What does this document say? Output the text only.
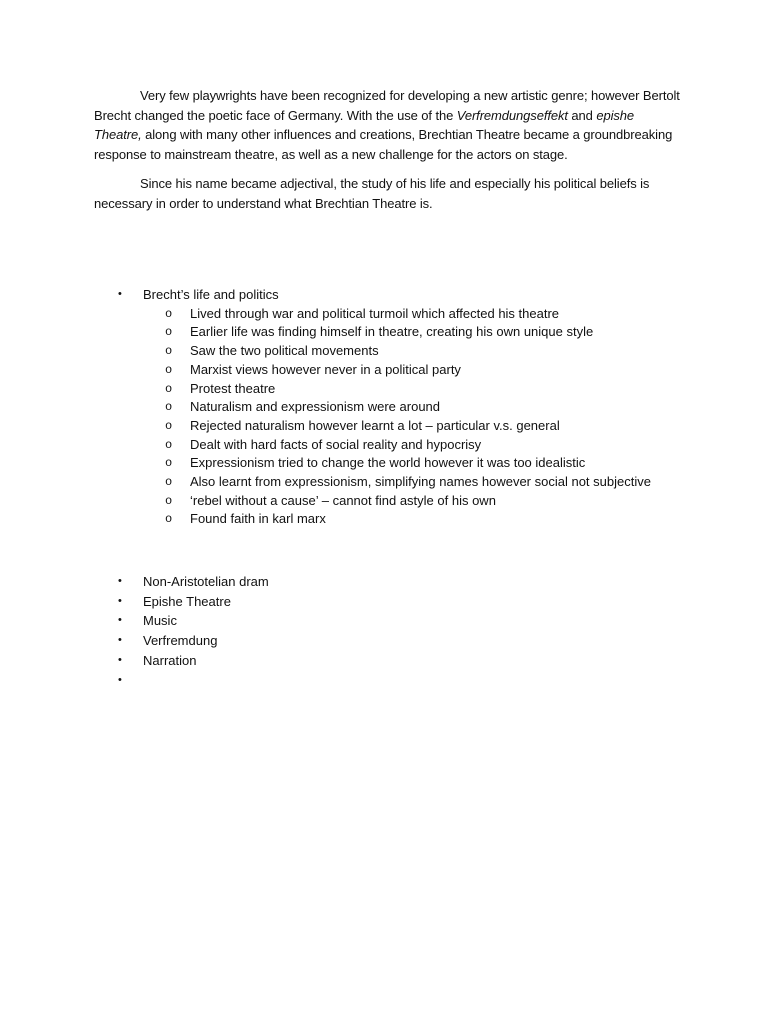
Very few playwrights have been recognized for developing a new artistic genre; however Bertolt Brecht changed the poetic face of Germany. With the use of the Verfremdungseffekt and epishe Theatre, along with many other influences and creations, Brechtian Theatre became a groundbreaking response to mainstream theatre, as well as a new challenge for the actors on stage.

Since his name became adjectival, the study of his life and especially his political beliefs is necessary in order to understand what Brechtian Theatre is.

• Brecht’s life and politics
o Lived through war and political turmoil which affected his theatre
o Earlier life was finding himself in theatre, creating his own unique style
o Saw the two political movements
o Marxist views however never in a political party
o Protest theatre
o Naturalism and expressionism were around
o Rejected naturalism however learnt a lot – particular v.s. general
o Dealt with hard facts of social reality and hypocrisy
o Expressionism tried to change the world however it was too idealistic
o Also learnt from expressionism, simplifying names however social not subjective
o ‘rebel without a cause’ – cannot find astyle of his own
o Found faith in karl marx
• Non-Aristotelian dram
• Epishe Theatre
• Music
• Verfremdung
• Narration
•
